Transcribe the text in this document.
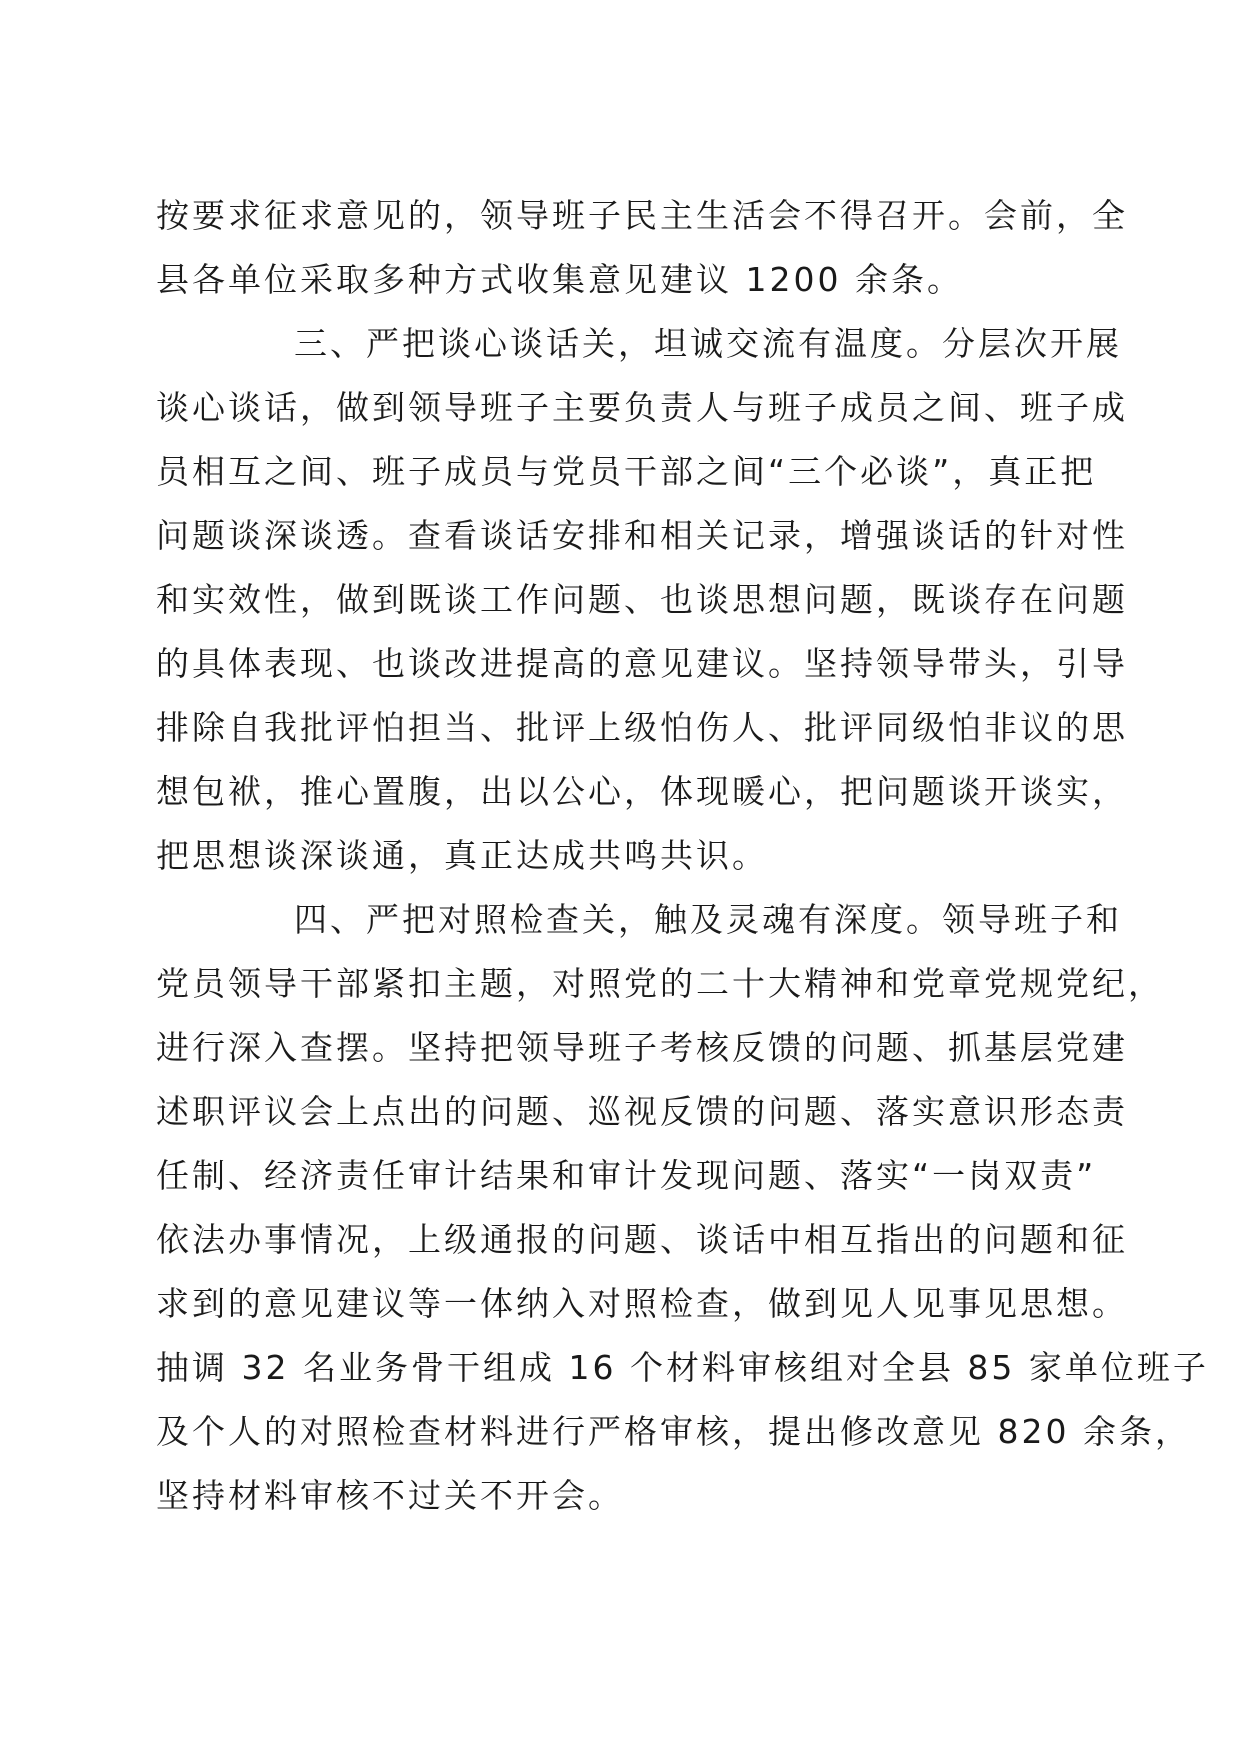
按要求征求意见的，领导班子民主生活会不得召开。会前，全
县各单位采取多种方式收集意见建议 1200 余条。
三、严把谈心谈话关，坦诚交流有温度。分层次开展
谈心谈话，做到领导班子主要负责人与班子成员之间、班子成
员相互之间、班子成员与党员干部之间“三个必谈”，真正把
问题谈深谈透。查看谈话安排和相关记录，增强谈话的针对性
和实效性，做到既谈工作问题、也谈思想问题，既谈存在问题
的具体表现、也谈改进提高的意见建议。坚持领导带头，引导
排除自我批评怕担当、批评上级怕伤人、批评同级怕非议的思
想包袱，推心置腹，出以公心，体现暖心，把问题谈开谈实，
把思想谈深谈通，真正达成共鸣共识。
四、严把对照检查关，触及灵魂有深度。领导班子和
党员领导干部紧扣主题，对照党的二十大精神和党章党规党纪，
进行深入查摆。坚持把领导班子考核反馈的问题、抓基层党建
述职评议会上点出的问题、巡视反馈的问题、落实意识形态责
任制、经济责任审计结果和审计发现问题、落实“一岗双责”
依法办事情况，上级通报的问题、谈话中相互指出的问题和征
求到的意见建议等一体纳入对照检查，做到见人见事见思想。
抽调 32 名业务骨干组成 16 个材料审核组对全县 85 家单位班子
及个人的对照检查材料进行严格审核，提出修改意见 820 余条，
坚持材料审核不过关不开会。
